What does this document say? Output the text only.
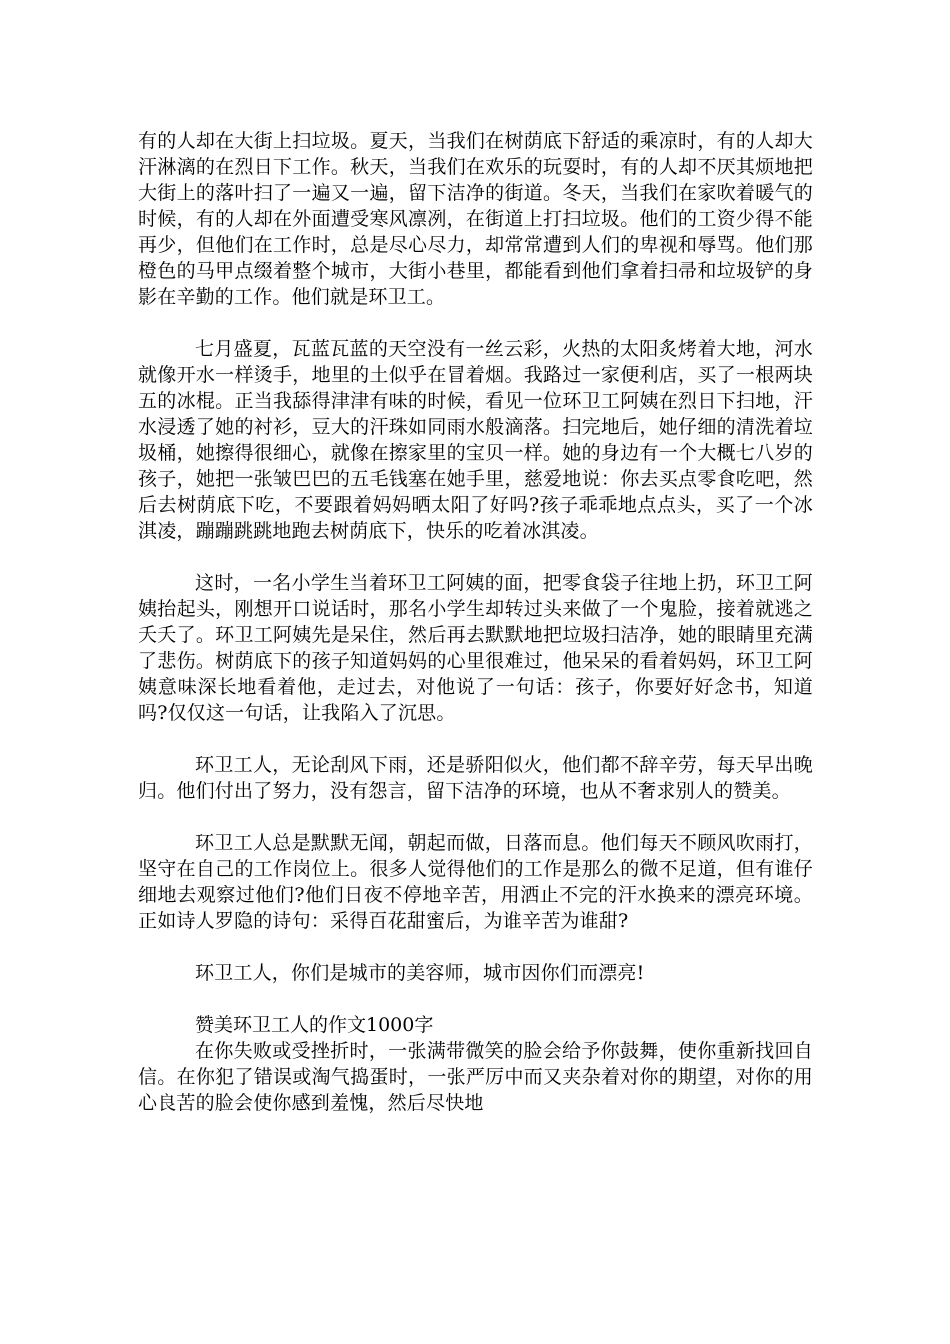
有的人却在大街上扫垃圾。夏天，当我们在树荫底下舒适的乘凉时，有的人却大汗淋漓的在烈日下工作。秋天，当我们在欢乐的玩耍时，有的人却不厌其烦地把大街上的落叶扫了一遍又一遍，留下洁净的街道。冬天，当我们在家吹着暖气的时候，有的人却在外面遭受寒风凛冽，在街道上打扫垃圾。他们的工资少得不能再少，但他们在工作时，总是尽心尽力，却常常遭到人们的卑视和辱骂。他们那橙色的马甲点缀着整个城市，大街小巷里，都能看到他们拿着扫帚和垃圾铲的身影在辛勤的工作。他们就是环卫工。

七月盛夏，瓦蓝瓦蓝的天空没有一丝云彩，火热的太阳炙烤着大地，河水就像开水一样烫手，地里的土似乎在冒着烟。我路过一家便利店，买了一根两块五的冰棍。正当我舔得津津有味的时候，看见一位环卫工阿姨在烈日下扫地，汗水浸透了她的衬衫，豆大的汗珠如同雨水般滴落。扫完地后，她仔细的清洗着垃圾桶，她擦得很细心，就像在擦家里的宝贝一样。她的身边有一个大概七八岁的孩子，她把一张皱巴巴的五毛钱塞在她手里，慈爱地说：你去买点零食吃吧，然后去树荫底下吃，不要跟着妈妈晒太阳了好吗?孩子乖乖地点点头，买了一个冰淇凌，蹦蹦跳跳地跑去树荫底下，快乐的吃着冰淇凌。

这时，一名小学生当着环卫工阿姨的面，把零食袋子往地上扔，环卫工阿姨抬起头，刚想开口说话时，那名小学生却转过头来做了一个鬼脸，接着就逃之夭夭了。环卫工阿姨先是呆住，然后再去默默地把垃圾扫洁净，她的眼睛里充满了悲伤。树荫底下的孩子知道妈妈的心里很难过，他呆呆的看着妈妈，环卫工阿姨意味深长地看着他，走过去，对他说了一句话：孩子，你要好好念书，知道吗?仅仅这一句话，让我陷入了沉思。

环卫工人，无论刮风下雨，还是骄阳似火，他们都不辞辛劳，每天早出晚归。他们付出了努力，没有怨言，留下洁净的环境，也从不奢求别人的赞美。

环卫工人总是默默无闻，朝起而做，日落而息。他们每天不顾风吹雨打，坚守在自己的工作岗位上。很多人觉得他们的工作是那么的微不足道，但有谁仔细地去观察过他们?他们日夜不停地辛苦，用洒止不完的汗水换来的漂亮环境。正如诗人罗隐的诗句：采得百花甜蜜后，为谁辛苦为谁甜?

环卫工人，你们是城市的美容师，城市因你们而漂亮!

赞美环卫工人的作文1000字

在你失败或受挫折时，一张满带微笑的脸会给予你鼓舞，使你重新找回自信。在你犯了错误或淘气捣蛋时，一张严厉中而又夹杂着对你的期望，对你的用心良苦的脸会使你感到羞愧，然后尽快地
